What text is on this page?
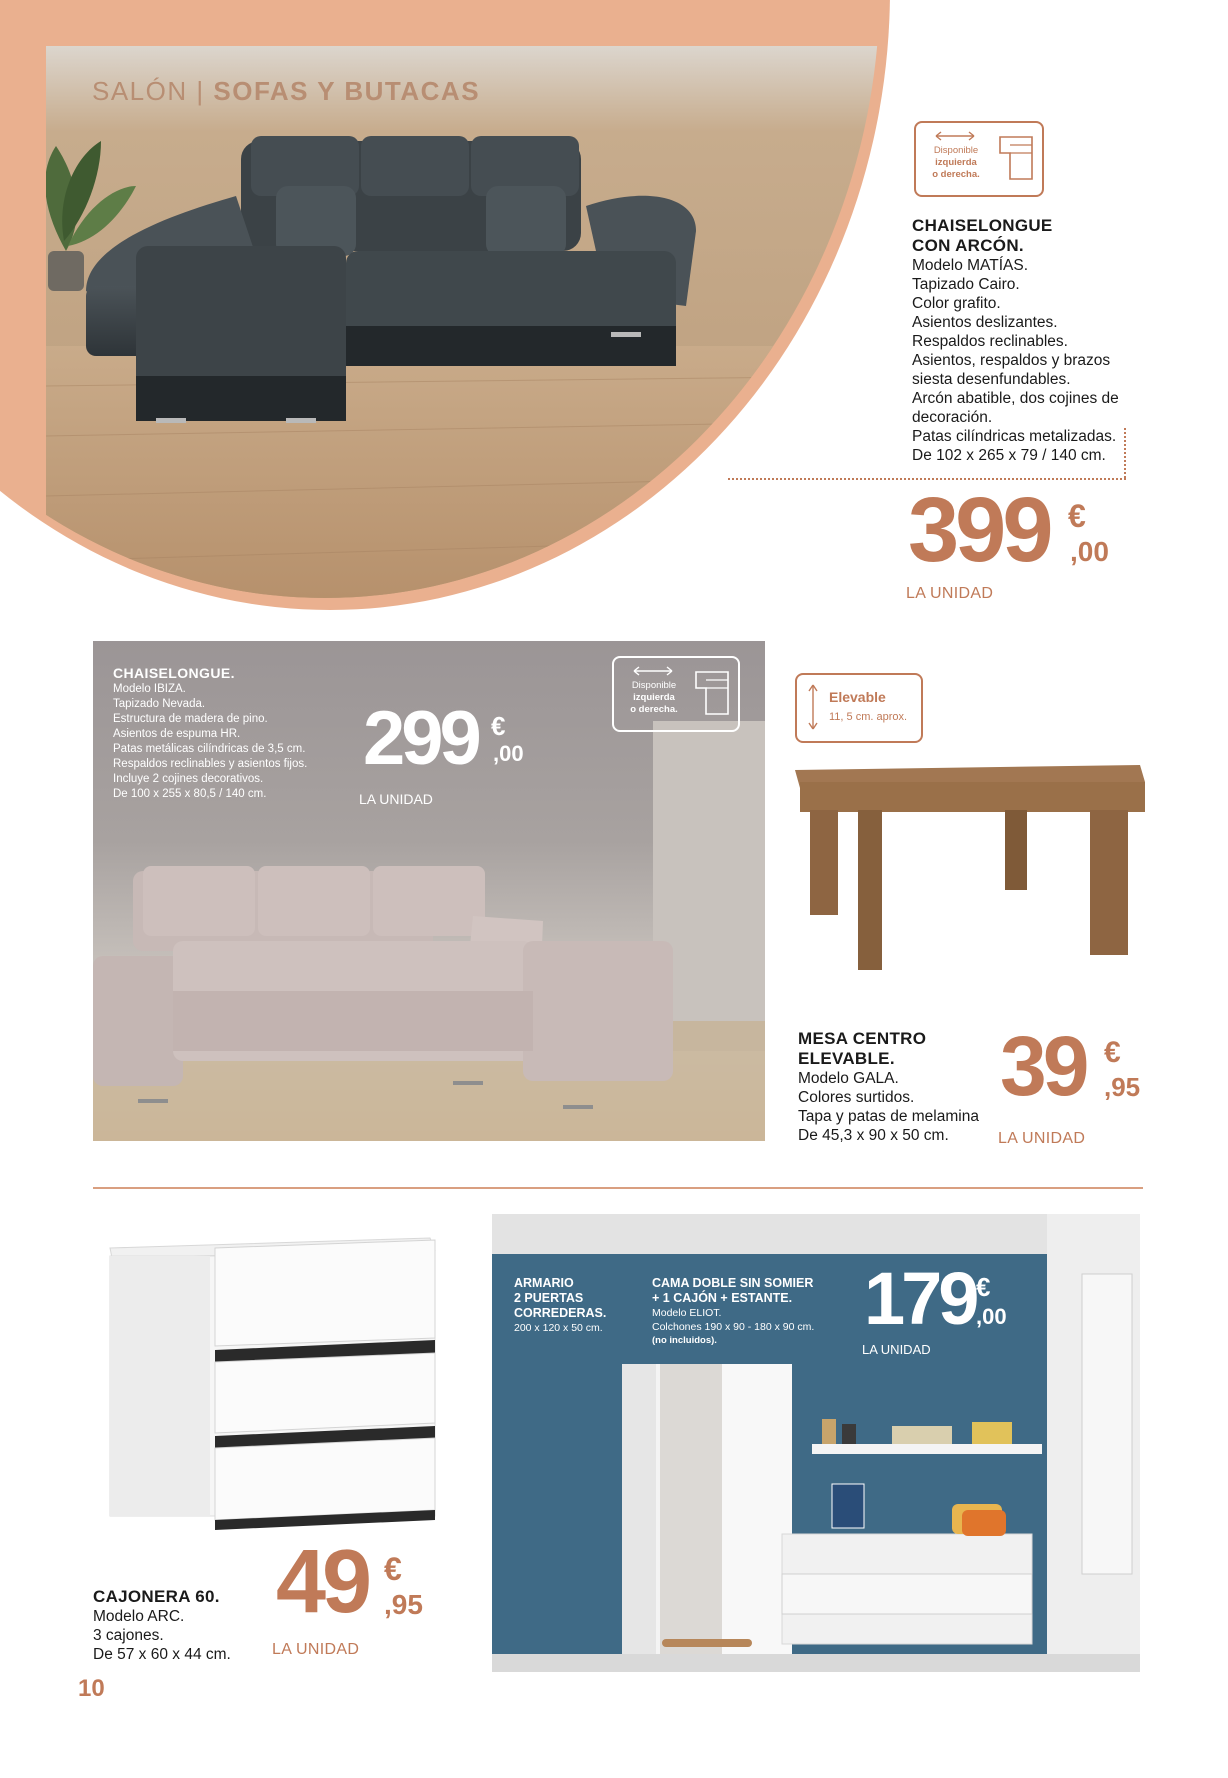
SALÓN | SOFAS Y BUTACAS
Disponible
izquierda
o derecha.
CHAISELONGUE
CON ARCÓN.
Modelo MATÍAS.
Tapizado Cairo.
Color grafito.
Asientos deslizantes.
Respaldos reclinables.
Asientos, respaldos y brazos
siesta desenfundables.
Arcón abatible, dos cojines de
decoración.
Patas cilíndricas metalizadas.
De 102 x 265 x 79 / 140 cm.
399 €
,00
LA UNIDAD
CHAISELONGUE.
Modelo IBIZA.
Tapizado Nevada.
Estructura de madera de pino.
Asientos de espuma HR.
Patas metálicas cilíndricas de 3,5 cm.
Respaldos reclinables y asientos fijos.
Incluye 2 cojines decorativos.
De 100 x 255 x 80,5 / 140 cm.
299 €
,00
LA UNIDAD
Disponible
izquierda
o derecha.
Elevable
11, 5 cm. aprox.
MESA CENTRO
ELEVABLE.
Modelo GALA.
Colores surtidos.
Tapa y patas de melamina
De 45,3 x 90 x 50 cm.
39 €
,95
LA UNIDAD
CAJONERA 60.
Modelo ARC.
3 cajones.
De 57 x 60 x 44 cm.
49 €
,95
LA UNIDAD
ARMARIO
2 PUERTAS
CORREDERAS.
200 x 120 x 50 cm.
CAMA DOBLE SIN SOMIER
+ 1 CAJÓN + ESTANTE.
Modelo ELIOT.
Colchones 190 x 90 - 180 x 90 cm.
(no incluidos).
179 €
,00
LA UNIDAD
10
